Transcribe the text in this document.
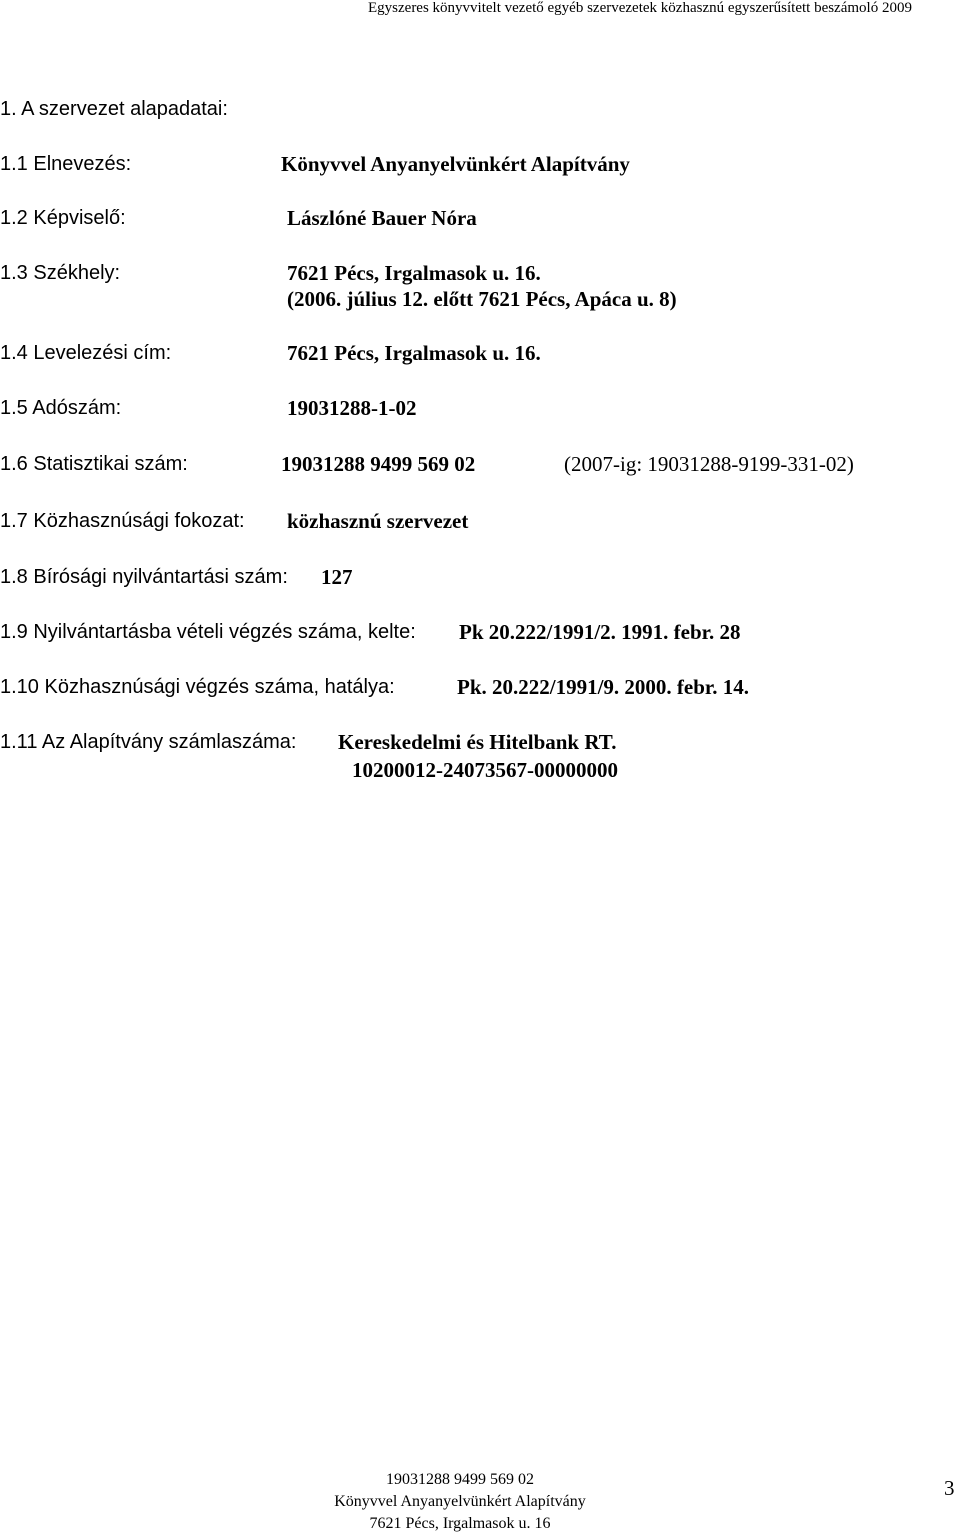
Egyszeres könyvvitelt vezető egyéb szervezetek közhasznú egyszerűsített beszámoló 2009
1. A szervezet alapadatai:
1.1 Elnevezés:	Könyvvel Anyanyelvünkért Alapítvány
1.2 Képviselő:	Lászlóné Bauer Nóra
1.3 Székhely:	7621 Pécs, Irgalmasok u. 16.
(2006. július 12. előtt 7621 Pécs, Apáca u. 8)
1.4 Levelezési cím:	7621 Pécs, Irgalmasok u. 16.
1.5 Adószám:	19031288-1-02
1.6 Statisztikai szám:	19031288 9499 569 02	(2007-ig: 19031288-9199-331-02)
1.7 Közhasznúsági fokozat: közhasznú szervezet
1.8 Bírósági nyilvántartási szám: 127
1.9 Nyilvántartásba vételi végzés száma, kelte: Pk 20.222/1991/2. 1991. febr. 28
1.10 Közhasznúsági végzés száma, hatálya:	Pk. 20.222/1991/9. 2000. febr. 14.
1.11 Az Alapítvány számlaszáma: Kereskedelmi és Hitelbank RT.
10200012-24073567-00000000
19031288 9499 569 02
Könyvvel Anyanyelvünkért Alapítvány
7621 Pécs, Irgalmasok u. 16
3
